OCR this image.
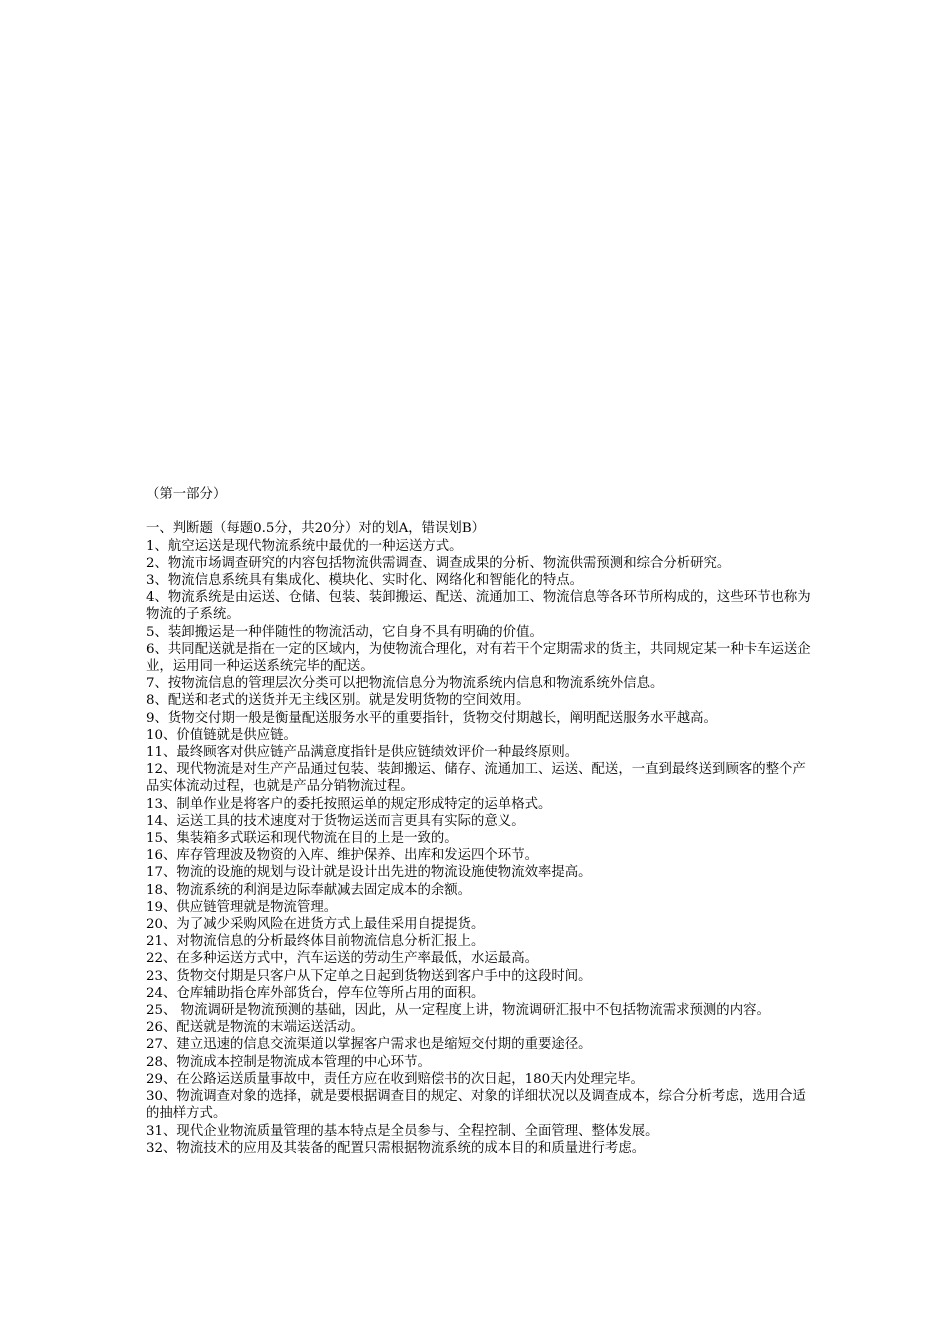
（第一部分）

一、判断题（每题0.5分，共20分）对的划A，错误划B）

1、航空运送是现代物流系统中最优的一种运送方式。
2、物流市场调查研究的内容包括物流供需调查、调查成果的分析、物流供需预测和综合分析研究。
3、物流信息系统具有集成化、模块化、实时化、网络化和智能化的特点。
4、物流系统是由运送、仓储、包装、装卸搬运、配送、流通加工、物流信息等各环节所构成的，这些环节也称为物流的子系统。
5、装卸搬运是一种伴随性的物流活动，它自身不具有明确的价值。
6、共同配送就是指在一定的区域内，为使物流合理化，对有若干个定期需求的货主，共同规定某一种卡车运送企业，运用同一种运送系统完毕的配送。
7、按物流信息的管理层次分类可以把物流信息分为物流系统内信息和物流系统外信息。
8、配送和老式的送货并无主线区别。就是发明货物的空间效用。
9、货物交付期一般是衡量配送服务水平的重要指针，货物交付期越长，阐明配送服务水平越高。
10、价值链就是供应链。
11、最终顾客对供应链产品满意度指针是供应链绩效评价一种最终原则。
12、现代物流是对生产产品通过包装、装卸搬运、储存、流通加工、运送、配送，一直到最终送到顾客的整个产品实体流动过程，也就是产品分销物流过程。
13、制单作业是将客户的委托按照运单的规定形成特定的运单格式。
14、运送工具的技术速度对于货物运送而言更具有实际的意义。
15、集装箱多式联运和现代物流在目的上是一致的。
16、库存管理波及物资的入库、维护保养、出库和发运四个环节。
17、物流的设施的规划与设计就是设计出先进的物流设施使物流效率提高。
18、物流系统的利润是边际奉献减去固定成本的余额。
19、供应链管理就是物流管理。
20、为了减少采购风险在进货方式上最佳采用自提提货。
21、对物流信息的分析最终体目前物流信息分析汇报上。
22、在多种运送方式中，汽车运送的劳动生产率最低，水运最高。
23、货物交付期是只客户从下定单之日起到货物送到客户手中的这段时间。
24、仓库辅助指仓库外部货台，停车位等所占用的面积。
25、 物流调研是物流预测的基础，因此，从一定程度上讲，物流调研汇报中不包括物流需求预测的内容。
26、配送就是物流的末端运送活动。
27、建立迅速的信息交流渠道以掌握客户需求也是缩短交付期的重要途径。
28、物流成本控制是物流成本管理的中心环节。
29、在公路运送质量事故中，责任方应在收到赔偿书的次日起，180天内处理完毕。
30、物流调查对象的选择，就是要根据调查目的规定、对象的详细状况以及调查成本，综合分析考虑，选用合适的抽样方式。
31、现代企业物流质量管理的基本特点是全员参与、全程控制、全面管理、整体发展。
32、物流技术的应用及其装备的配置只需根据物流系统的成本目的和质量进行考虑。
